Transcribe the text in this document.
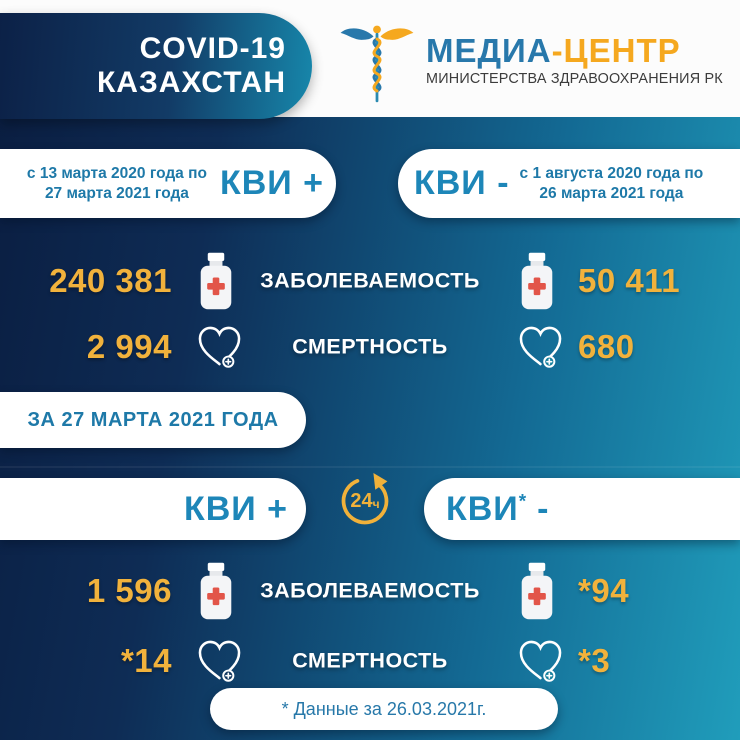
МЕДИА-ЦЕНТР
МИНИСТЕРСТВА ЗДРАВООХРАНЕНИЯ РК
COVID-19
КАЗАХСТАН
с 13 марта 2020 года по
27 марта 2021 года КВИ +	КВИ - с 1 августа 2020 года по
26 марта 2021 года
240 381	ЗАБОЛЕВАЕМОСТЬ	50 411
2 994	СМЕРТНОСТЬ	680
ЗА 27 МАРТА 2021 ГОДА
КВИ +	24 ч КВИ* -
1 596	ЗАБОЛЕВАЕМОСТЬ	*94
*14	СМЕРТНОСТЬ	*3
* Данные за 26.03.2021г.
